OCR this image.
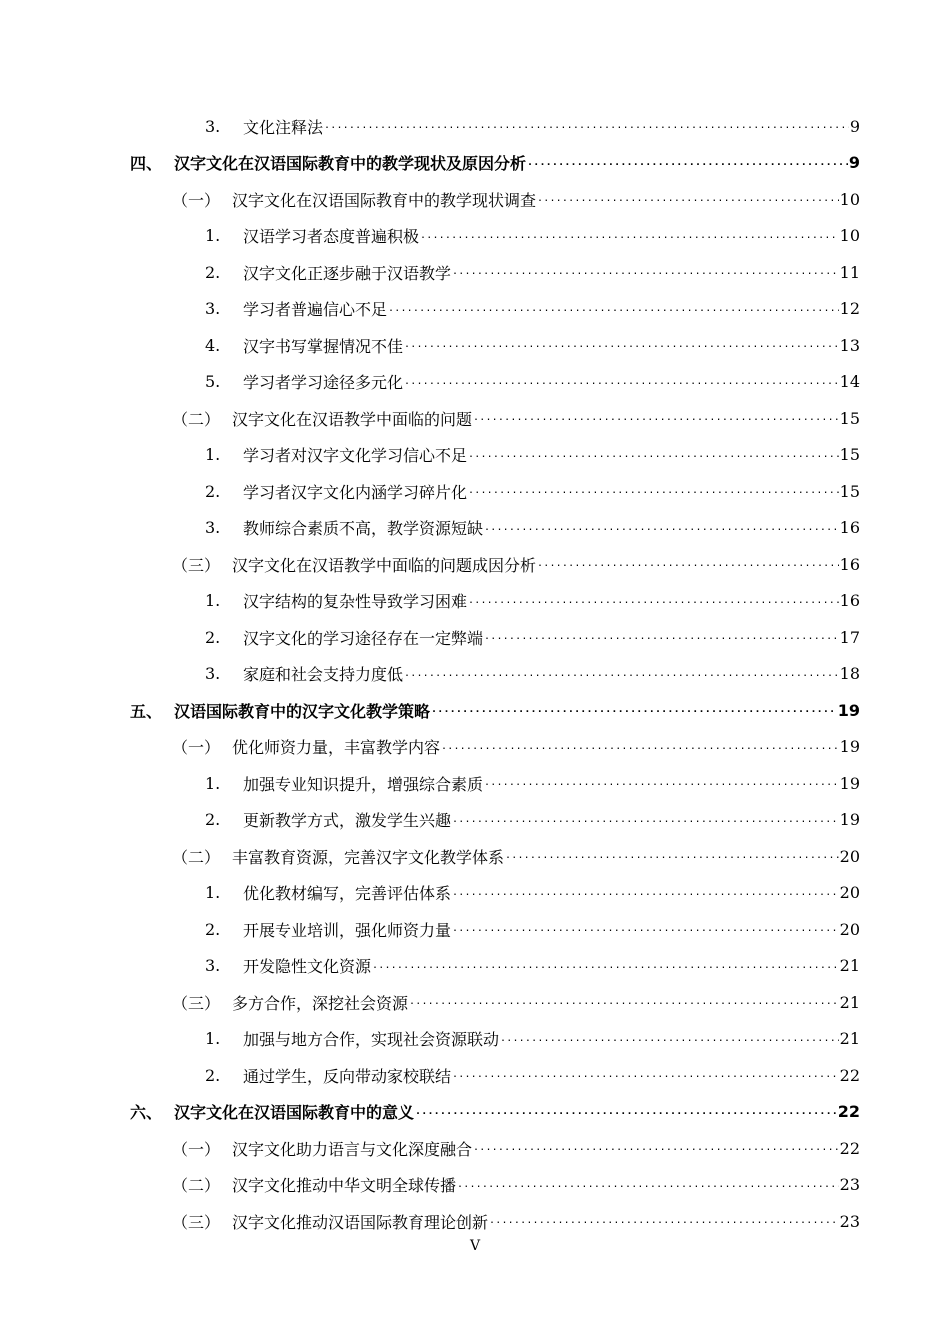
3.	文化注释法 .....	9
四、 汉字文化在汉语国际教育中的教学现状及原因分析 .....	9
（一） 汉字文化在汉语国际教育中的教学现状调查 .....	10
1.	汉语学习者态度普遍积极 .....	10
2.	汉字文化正逐步融于汉语教学 .....	11
3.	学习者普遍信心不足 .....	12
4.	汉字书写掌握情况不佳 .....	13
5.	学习者学习途径多元化 .....	14
（二） 汉字文化在汉语教学中面临的问题 .....	15
1.	学习者对汉字文化学习信心不足 .....	15
2.	学习者汉字文化内涵学习碎片化 .....	15
3.	教师综合素质不高，教学资源短缺 .....	16
（三） 汉字文化在汉语教学中面临的问题成因分析 .....	16
1.	汉字结构的复杂性导致学习困难 .....	16
2.	汉字文化的学习途径存在一定弊端 .....	17
3.	家庭和社会支持力度低 .....	18
五、 汉语国际教育中的汉字文化教学策略 .....	19
（一） 优化师资力量，丰富教学内容 .....	19
1.	加强专业知识提升，增强综合素质 .....	19
2.	更新教学方式，激发学生兴趣 .....	19
（二） 丰富教育资源，完善汉字文化教学体系 .....	20
1.	优化教材编写，完善评估体系 .....	20
2.	开展专业培训，强化师资力量 .....	20
3.	开发隐性文化资源 .....	21
（三） 多方合作，深挖社会资源 .....	21
1.	加强与地方合作，实现社会资源联动 .....	21
2.	通过学生，反向带动家校联结 .....	22
六、 汉字文化在汉语国际教育中的意义 .....	22
（一） 汉字文化助力语言与文化深度融合 .....	22
（二） 汉字文化推动中华文明全球传播 .....	23
（三） 汉字文化推动汉语国际教育理论创新 .....	23
V
